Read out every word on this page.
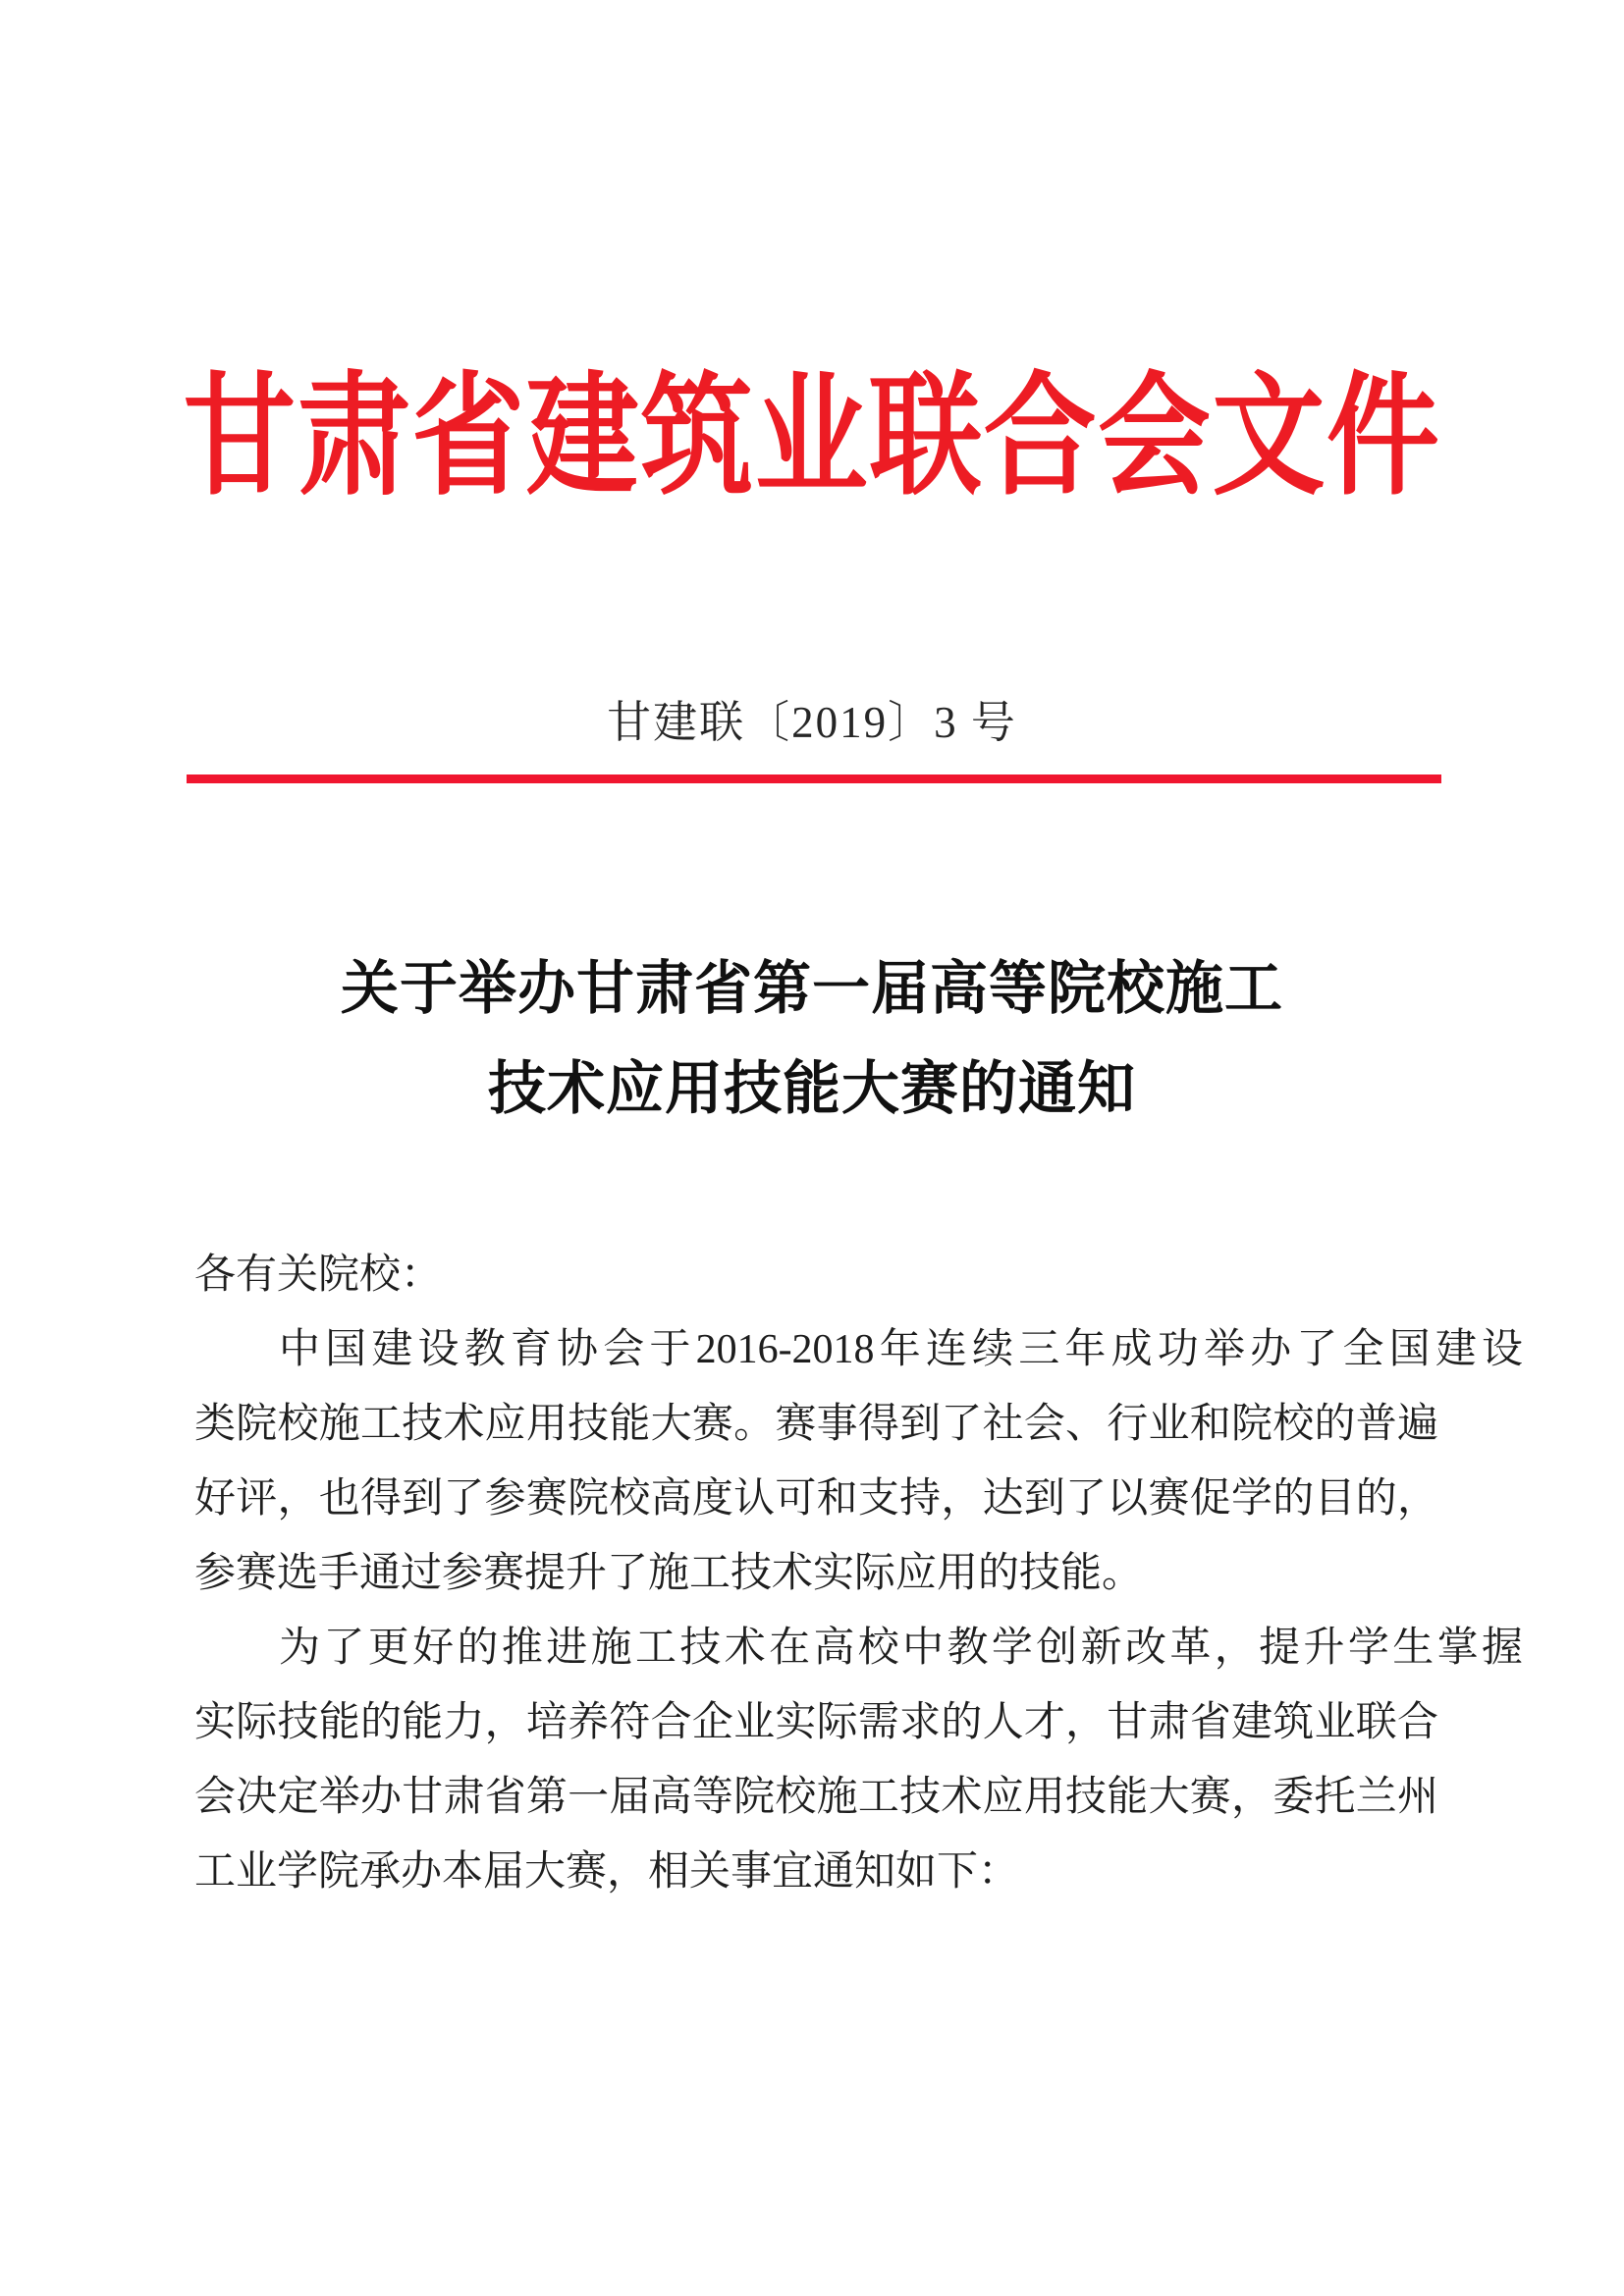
甘肃省建筑业联合会文件
甘建联〔2019〕3 号
关于举办甘肃省第一届高等院校施工
技术应用技能大赛的通知
各有关院校：
中国建设教育协会于2016-2018年连续三年成功举办了全国建设
类院校施工技术应用技能大赛。赛事得到了社会、行业和院校的普遍
好评，也得到了参赛院校高度认可和支持，达到了以赛促学的目的，
参赛选手通过参赛提升了施工技术实际应用的技能。
为了更好的推进施工技术在高校中教学创新改革，提升学生掌握
实际技能的能力，培养符合企业实际需求的人才，甘肃省建筑业联合
会决定举办甘肃省第一届高等院校施工技术应用技能大赛，委托兰州
工业学院承办本届大赛，相关事宜通知如下：
